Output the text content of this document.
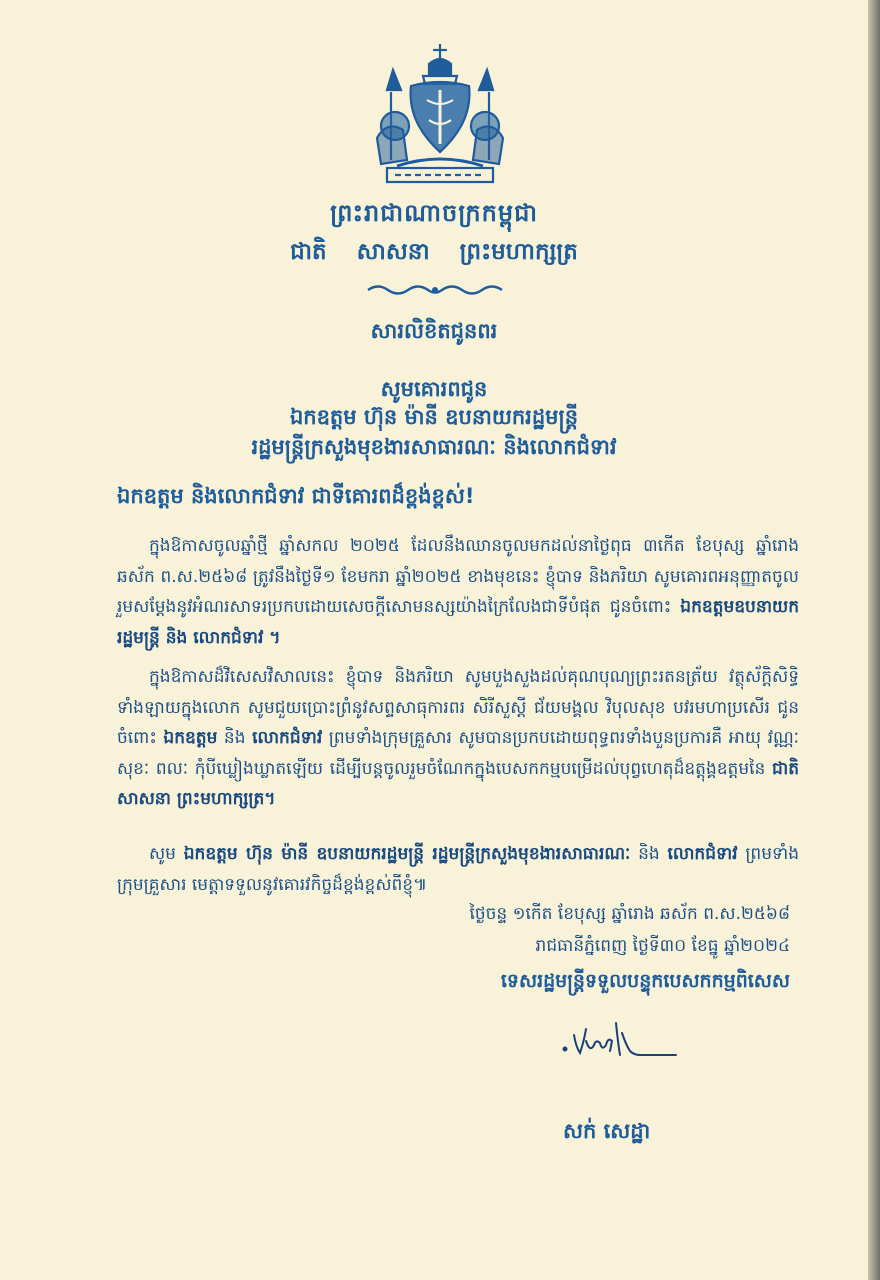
ព្រះរាជាណាចក្រកម្ពុជា
ជាតិ សាសនា ព្រះមហាក្សត្រ
សារលិខិតជូនពរ
សូមគោរពជូន
ឯកឧត្ដម ហ៊ុន ម៉ានី ឧបនាយករដ្ឋមន្ត្រី
រដ្ឋមន្ត្រីក្រសួងមុខងារសាធារណៈ និងលោកជំទាវ
ឯកឧត្ដម និងលោកជំទាវ ជាទីគោរពដ៏ខ្ពង់ខ្ពស់!

ក្នុងឱកាសចូលឆ្នាំថ្មី ឆ្នាំសកល ២០២៥ ដែលនឹងឈានចូលមកដល់នាថ្ងៃពុធ ៣កើត ខែបុស្ស ឆ្នាំរោង ឆស័ក ព.ស.២៥៦៨ ត្រូវនឹងថ្ងៃទី១ ខែមករា ឆ្នាំ២០២៥ ខាងមុខនេះ ខ្ញុំបាទ និងភរិយា សូមគោរពអនុញ្ញាតចូលរួមសម្ដែងនូវអំណរសាទរប្រកបដោយសេចក្ដីសោមនស្សយ៉ាងក្រៃលែងជាទីបំផុត ជូនចំពោះ ឯកឧត្ដមឧបនាយករដ្ឋមន្ត្រី និង លោកជំទាវ ។

ក្នុងឱកាសដ៏វិសេសវិសាលនេះ ខ្ញុំបាទ និងភរិយា សូមបួងសួងដល់គុណបុណ្យព្រះរតនត្រ័យ វត្ថុស័ក្ដិសិទ្ធិទាំងឡាយក្នុងលោក សូមជួយប្រោះព្រំនូវសព្ទសាធុការពរ សិរីសួស្ដី ជ័យមង្គល វិបុលសុខ បវរមហាប្រសើរ ជូនចំពោះ ឯកឧត្ដម និង លោកជំទាវ ព្រមទាំងក្រុមគ្រួសារ សូមបានប្រកបដោយពុទ្ធពរទាំងបួនប្រការគឺ អាយុ វណ្ណៈ សុខៈ ពលៈ កុំបីឃ្លៀងឃ្លាតឡើយ ដើម្បីបន្តចូលរួមចំណែកក្នុងបេសកកម្មបម្រើដល់បុព្វហេតុដ៏ឧត្ដុង្គឧត្ដមនៃ ជាតិ សាសនា ព្រះមហាក្សត្រ។

សូម ឯកឧត្ដម ហ៊ុន ម៉ានី ឧបនាយករដ្ឋមន្ត្រី រដ្ឋមន្ត្រីក្រសួងមុខងារសាធារណៈ និង លោកជំទាវ ព្រមទាំងក្រុមគ្រួសារ មេត្តាទទួលនូវគោរវកិច្ចដ៏ខ្ពង់ខ្ពស់ពីខ្ញុំ៕

ថ្ងៃចន្ទ ១កើត ខែបុស្ស ឆ្នាំរោង ឆស័ក ព.ស.២៥៦៨
រាជធានីភ្នំពេញ ថ្ងៃទី៣០ ខែធ្នូ ឆ្នាំ២០២៤
ទេសរដ្ឋមន្ត្រីទទួលបន្ទុកបេសកកម្មពិសេស
សក់ សេដ្ឋា
